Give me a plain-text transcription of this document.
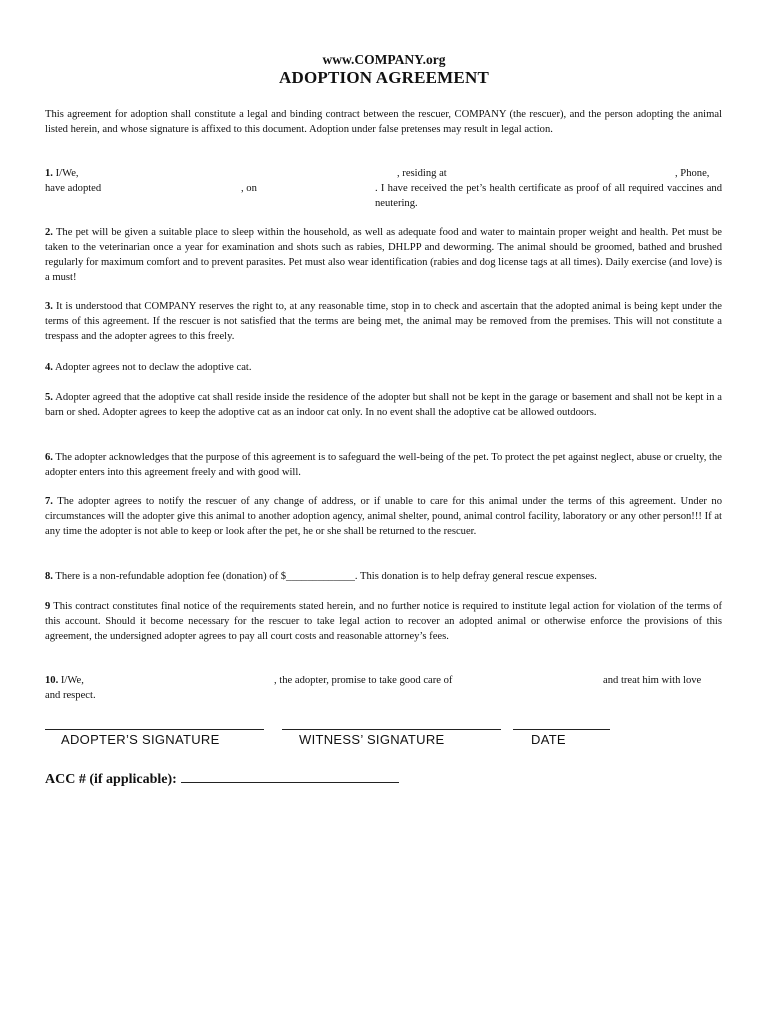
www.COMPANY.org
ADOPTION AGREEMENT
This agreement for adoption shall constitute a legal and binding contract between the rescuer, COMPANY (the rescuer), and the person adopting the animal listed herein, and whose signature is affixed to this document. Adoption under false pretenses may result in legal action.
1. I/We,	, residing at	, Phone,
have adopted	, on	. I have received the pet’s health certificate as proof of all required vaccines and neutering.
2. The pet will be given a suitable place to sleep within the household, as well as adequate food and water to maintain proper weight and health. Pet must be taken to the veterinarian once a year for examination and shots such as rabies, DHLPP and deworming. The animal should be groomed, bathed and brushed regularly for maximum comfort and to prevent parasites. Pet must also wear identification (rabies and dog license tags at all times). Daily exercise (and love) is a must!
3. It is understood that COMPANY reserves the right to, at any reasonable time, stop in to check and ascertain that the adopted animal is being kept under the terms of this agreement. If the rescuer is not satisfied that the terms are being met, the animal may be removed from the premises. This will not constitute a trespass and the adopter agrees to this freely.
4. Adopter agrees not to declaw the adoptive cat.
5. Adopter agreed that the adoptive cat shall reside inside the residence of the adopter but shall not be kept in the garage or basement and shall not be kept in a barn or shed. Adopter agrees to keep the adoptive cat as an indoor cat only. In no event shall the adoptive cat be allowed outdoors.
6. The adopter acknowledges that the purpose of this agreement is to safeguard the well-being of the pet. To protect the pet against neglect, abuse or cruelty, the adopter enters into this agreement freely and with good will.
7. The adopter agrees to notify the rescuer of any change of address, or if unable to care for this animal under the terms of this agreement. Under no circumstances will the adopter give this animal to another adoption agency, animal shelter, pound, animal control facility, laboratory or any other person!!! If at any time the adopter is not able to keep or look after the pet, he or she shall be returned to the rescuer.
8. There is a non-refundable adoption fee (donation) of $_____________. This donation is to help defray general rescue expenses.
9 This contract constitutes final notice of the requirements stated herein, and no further notice is required to institute legal action for violation of the terms of this account. Should it become necessary for the rescuer to take legal action to recover an adopted animal or otherwise enforce the provisions of this agreement, the undersigned adopter agrees to pay all court costs and reasonable attorney’s fees.
10. I/We,	, the adopter, promise to take good care of	and treat him with love
and respect.
ADOPTER’S SIGNATURE	WITNESS’ SIGNATURE	DATE
ACC # (if applicable):
